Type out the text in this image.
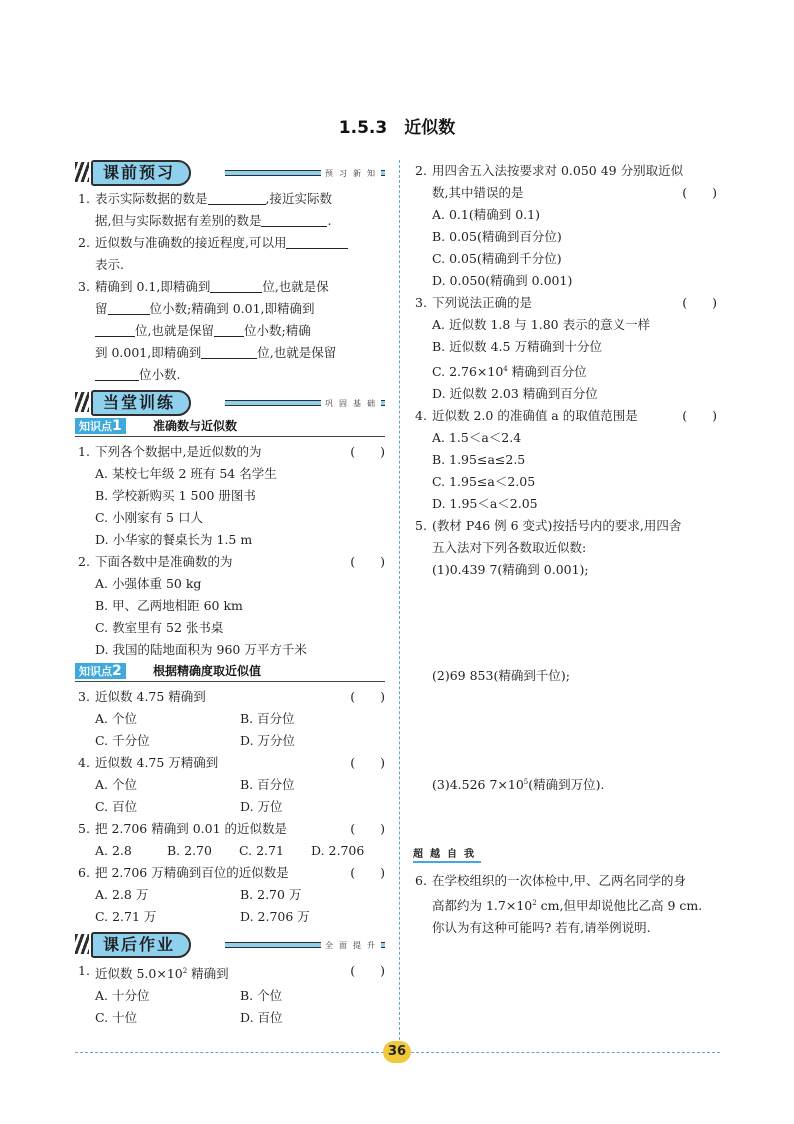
1.5.3　近似数
课前预习	预习新知
1. 表示实际数据的数是	,接近实际数
据,但与实际数据有差别的数是	.
2. 近似数与准确数的接近程度,可以用
表示.
3. 精确到 0.1,即精确到	位,也就是保
留	位小数;精确到 0.01,即精确到
位,也就是保留 位小数;精确
到 0.001,即精确到	位,也就是保留
位小数.
当堂训练	巩固基础
知识点1	准确数与近似数
1. 下列各个数据中,是近似数的为	(　　)
A. 某校七年级 2 班有 54 名学生
B. 学校新购买 1 500 册图书
C. 小刚家有 5 口人
D. 小华家的餐桌长为 1.5 m
2. 下面各数中是准确数的为	(　　)
A. 小强体重 50 kg
B. 甲、乙两地相距 60 km
C. 教室里有 52 张书桌
D. 我国的陆地面积为 960 万平方千米
知识点2	根据精确度取近似值
3. 近似数 4.75 精确到	(　　)
A. 个位	B. 百分位
C. 千分位	D. 万分位
4. 近似数 4.75 万精确到	(　　)
A. 个位	B. 百分位
C. 百位	D. 万位
5. 把 2.706 精确到 0.01 的近似数是	(　　)
A. 2.8	B. 2.70	C. 2.71	D. 2.706
6. 把 2.706 万精确到百位的近似数是	(　　)
A. 2.8 万	B. 2.70 万
C. 2.71 万	D. 2.706 万
课后作业	全面提升
1. 近似数 $5.0\times 10^2$ 精确到	(　　)
A. 十分位	B. 个位
C. 十位	D. 百位
2. 用四舍五入法按要求对 0.050 49 分别取近似
数,其中错误的是	(　　)
A. 0.1(精确到 0.1)
B. 0.05(精确到百分位)
C. 0.05(精确到千分位)
D. 0.050(精确到 0.001)
3. 下列说法正确的是	(　　)
A. 近似数 1.8 与 1.80 表示的意义一样
B. 近似数 4.5 万精确到十分位
C. $2.76\times 10^4$ 精确到百分位
D. 近似数 2.03 精确到百分位
4. 近似数 2.0 的准确值 a 的取值范围是	(　　)
A. 1.5＜a＜2.4
B. 1.95≤a≤2.5
C. 1.95≤a＜2.05
D. 1.95＜a＜2.05
5. (教材 P46 例 6 变式)按括号内的要求,用四舍
五入法对下列各数取近似数:
(1)0.439 7(精确到 0.001);
(2)69 853(精确到千位);
(3)4.526 $7\times 10^5$(精确到万位).
超越自我
6. 在学校组织的一次体检中,甲、乙两名同学的身
高都约为 $1.7\times 10^2$ cm,但甲却说他比乙高 9 cm.
你认为有这种可能吗? 若有,请举例说明.
36
